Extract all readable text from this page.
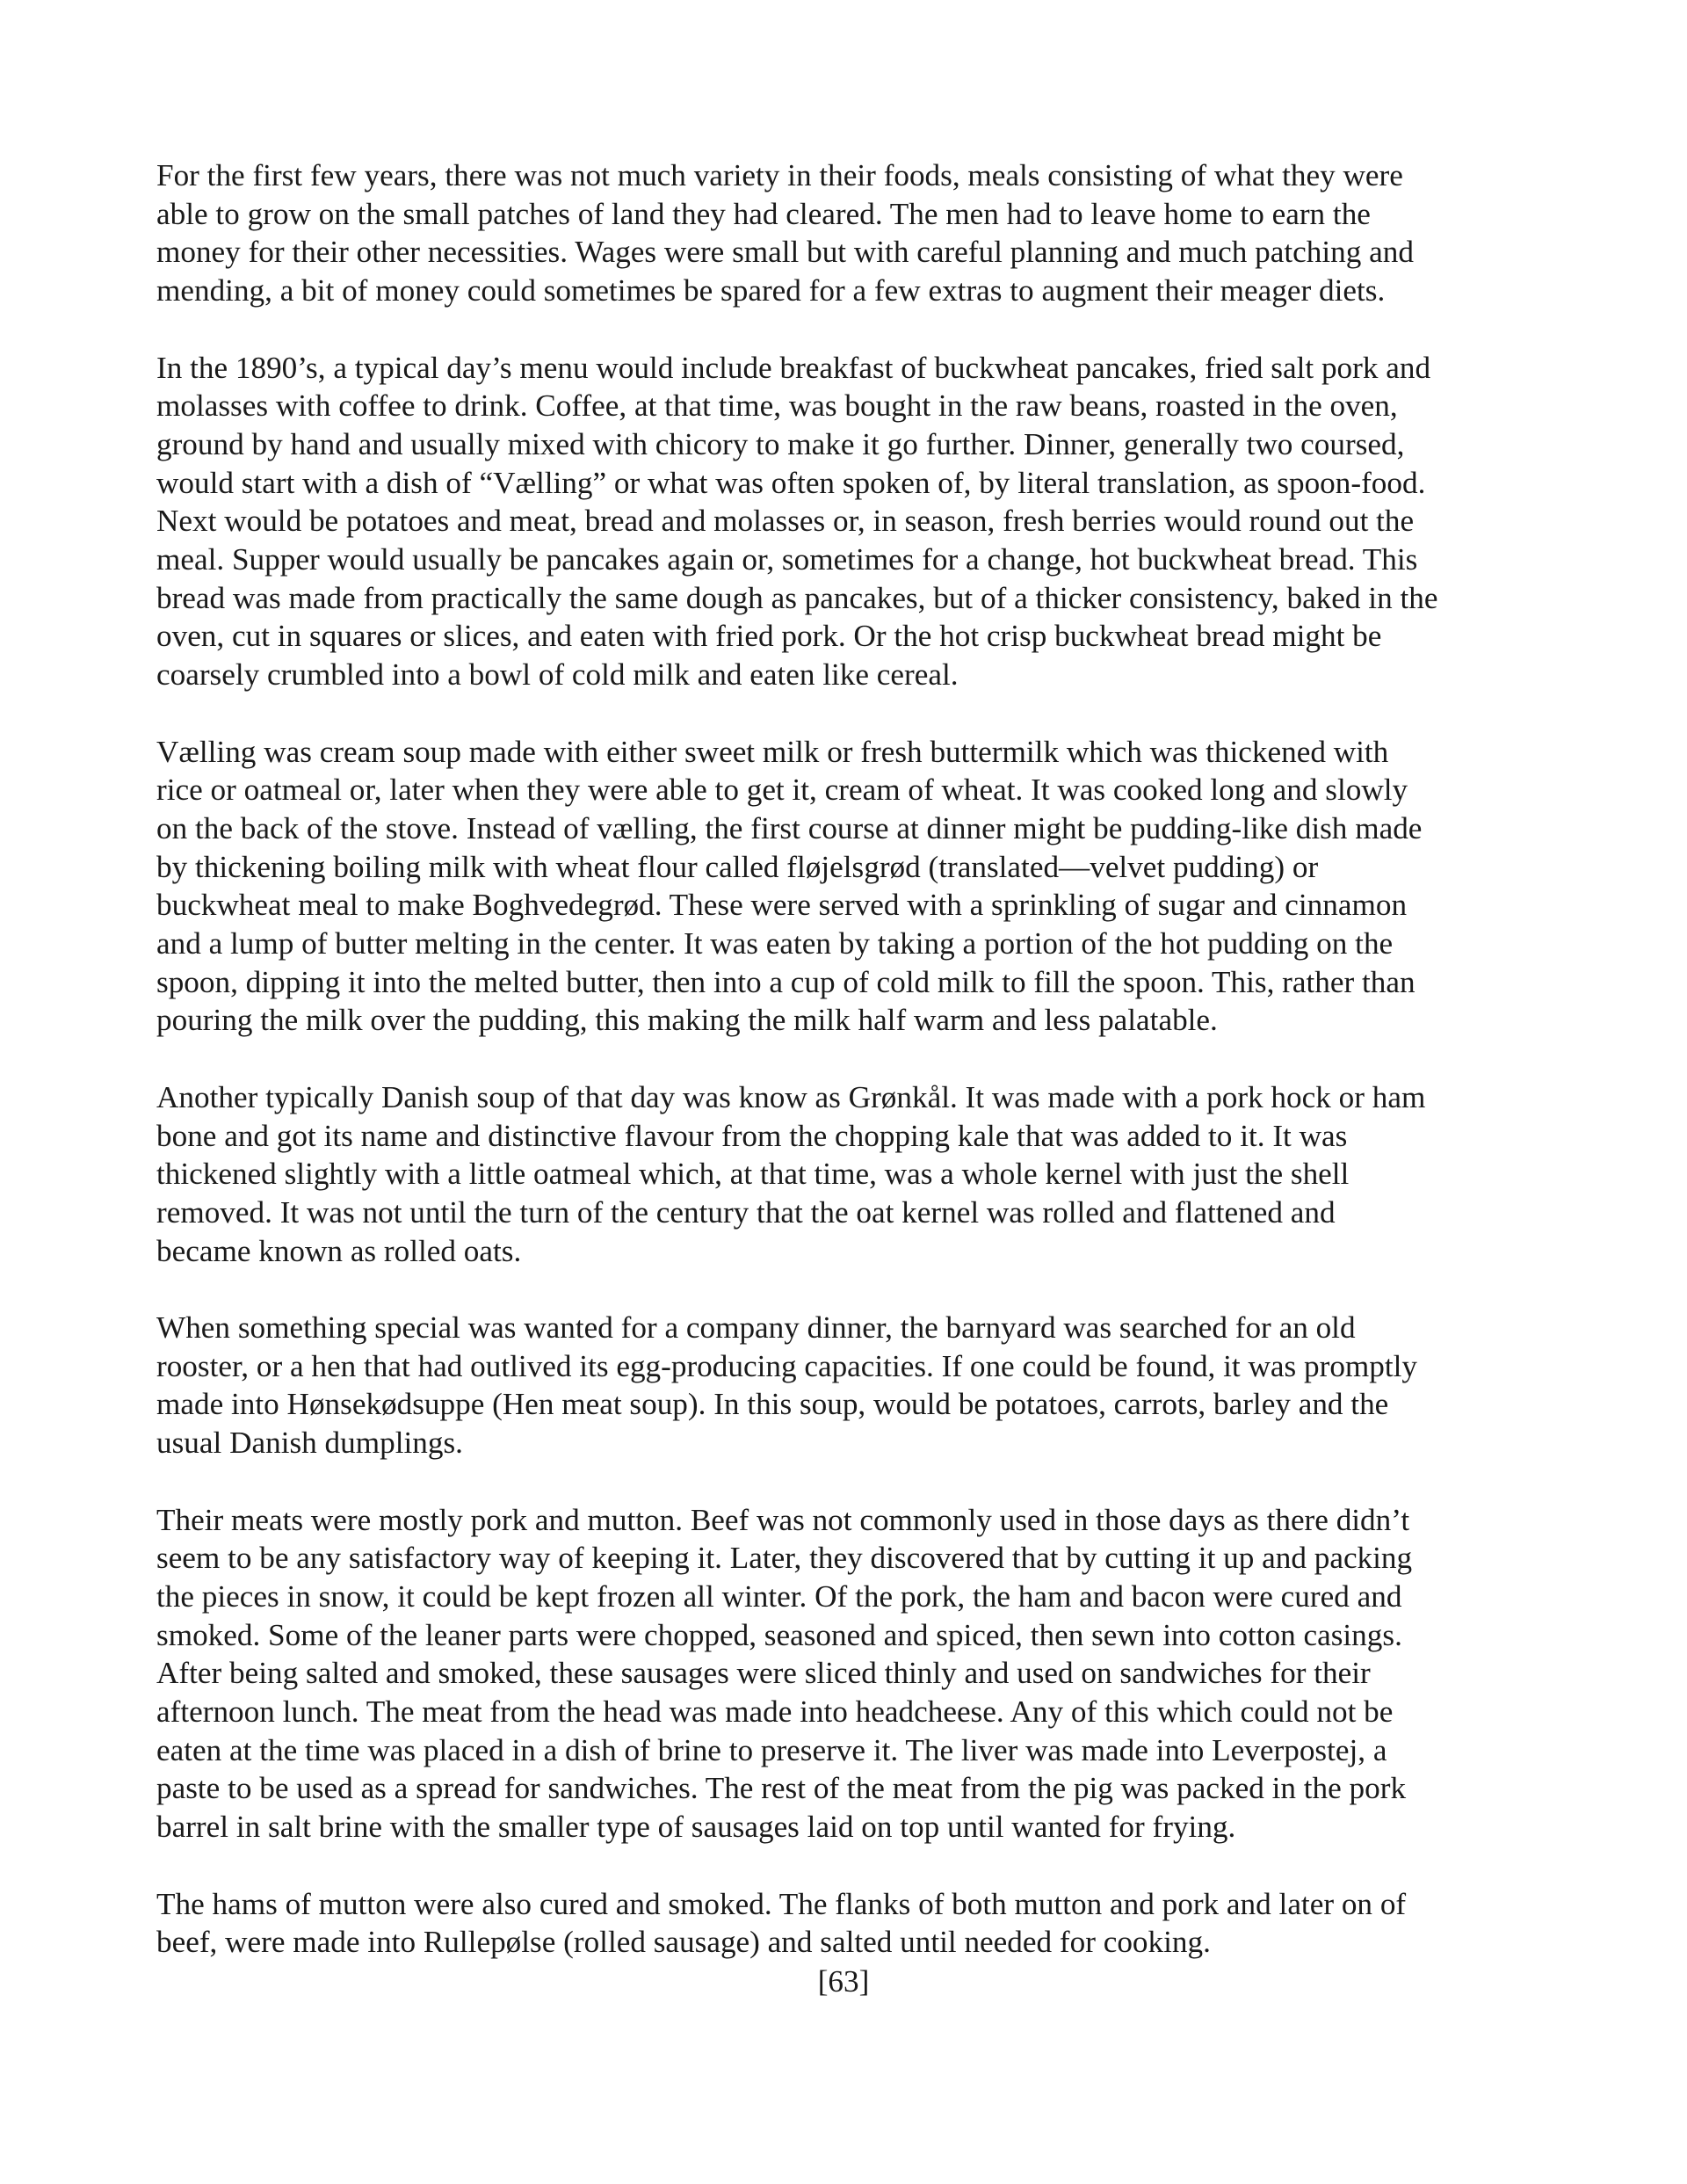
For the first few years, there was not much variety in their foods, meals consisting of what they were
able to grow on the small patches of land they had cleared. The men had to leave home to earn the
money for their other necessities. Wages were small but with careful planning and much patching and
mending, a bit of money could sometimes be spared for a few extras to augment their meager diets.
In the 1890’s, a typical day’s menu would include breakfast of buckwheat pancakes, fried salt pork and
molasses with coffee to drink. Coffee, at that time, was bought in the raw beans, roasted in the oven,
ground by hand and usually mixed with chicory to make it go further. Dinner, generally two coursed,
would start with a dish of “Vælling” or what was often spoken of, by literal translation, as spoon-food.
Next would be potatoes and meat, bread and molasses or, in season, fresh berries would round out the
meal. Supper would usually be pancakes again or, sometimes for a change, hot buckwheat bread. This
bread was made from practically the same dough as pancakes, but of a thicker consistency, baked in the
oven, cut in squares or slices, and eaten with fried pork. Or the hot crisp buckwheat bread might be
coarsely crumbled into a bowl of cold milk and eaten like cereal.
Vælling was cream soup made with either sweet milk or fresh buttermilk which was thickened with
rice or oatmeal or, later when they were able to get it, cream of wheat. It was cooked long and slowly
on the back of the stove. Instead of vælling, the first course at dinner might be pudding-like dish made
by thickening boiling milk with wheat flour called fløjelsgrød (translated—velvet pudding) or
buckwheat meal to make Boghvedegrød. These were served with a sprinkling of sugar and cinnamon
and a lump of butter melting in the center. It was eaten by taking a portion of the hot pudding on the
spoon, dipping it into the melted butter, then into a cup of cold milk to fill the spoon. This, rather than
pouring the milk over the pudding, this making the milk half warm and less palatable.
Another typically Danish soup of that day was know as Grønkål. It was made with a pork hock or ham
bone and got its name and distinctive flavour from the chopping kale that was added to it. It was
thickened slightly with a little oatmeal which, at that time, was a whole kernel with just the shell
removed. It was not until the turn of the century that the oat kernel was rolled and flattened and
became known as rolled oats.
When something special was wanted for a company dinner, the barnyard was searched for an old
rooster, or a hen that had outlived its egg-producing capacities. If one could be found, it was promptly
made into Hønsekødsuppe (Hen meat soup). In this soup, would be potatoes, carrots, barley and the
usual Danish dumplings.
Their meats were mostly pork and mutton. Beef was not commonly used in those days as there didn’t
seem to be any satisfactory way of keeping it. Later, they discovered that by cutting it up and packing
the pieces in snow, it could be kept frozen all winter. Of the pork, the ham and bacon were cured and
smoked. Some of the leaner parts were chopped, seasoned and spiced, then sewn into cotton casings.
After being salted and smoked, these sausages were sliced thinly and used on sandwiches for their
afternoon lunch. The meat from the head was made into headcheese. Any of this which could not be
eaten at the time was placed in a dish of brine to preserve it. The liver was made into Leverpostej, a
paste to be used as a spread for sandwiches. The rest of the meat from the pig was packed in the pork
barrel in salt brine with the smaller type of sausages laid on top until wanted for frying.
The hams of mutton were also cured and smoked. The flanks of both mutton and pork and later on of
beef, were made into Rullepølse (rolled sausage) and salted until needed for cooking.
[63]
